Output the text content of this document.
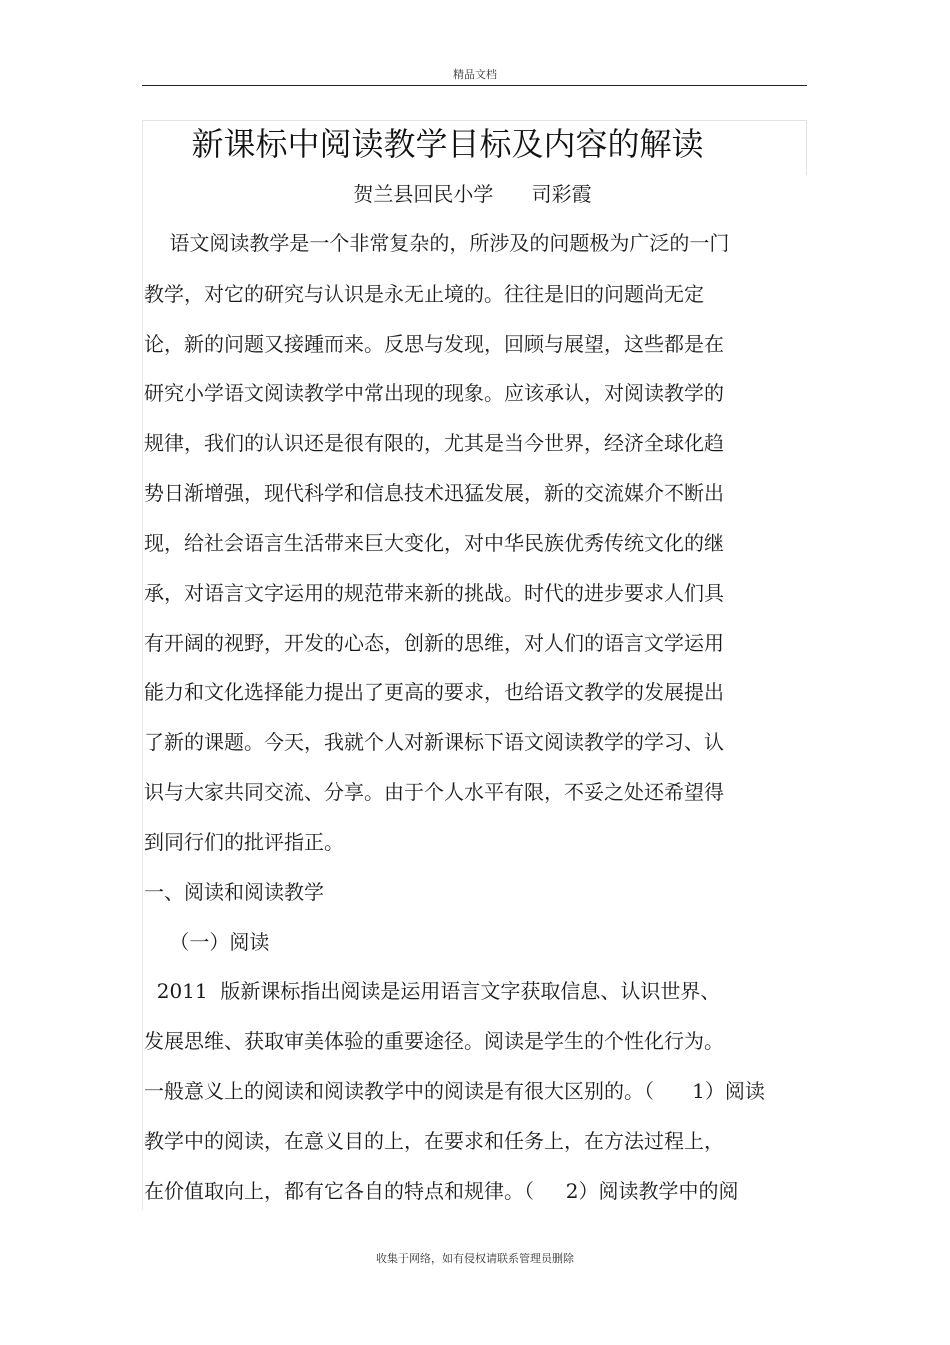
精品文档
新课标中阅读教学目标及内容的解读
贺兰县回民小学      司彩霞
语文阅读教学是一个非常复杂的，所涉及的问题极为广泛的一门
教学，对它的研究与认识是永无止境的。往往是旧的问题尚无定
论，新的问题又接踵而来。反思与发现，回顾与展望，这些都是在
研究小学语文阅读教学中常出现的现象。应该承认，对阅读教学的
规律，我们的认识还是很有限的，尤其是当今世界，经济全球化趋
势日渐增强，现代科学和信息技术迅猛发展，新的交流媒介不断出
现，给社会语言生活带来巨大变化，对中华民族优秀传统文化的继
承，对语言文字运用的规范带来新的挑战。时代的进步要求人们具
有开阔的视野，开发的心态，创新的思维，对人们的语言文学运用
能力和文化选择能力提出了更高的要求，也给语文教学的发展提出
了新的课题。今天，我就个人对新课标下语文阅读教学的学习、认
识与大家共同交流、分享。由于个人水平有限，不妥之处还希望得
到同行们的批评指正。
一、阅读和阅读教学
（一）阅读
2011  版新课标指出阅读是运用语言文字获取信息、认识世界、
发展思维、获取审美体验的重要途径。阅读是学生的个性化行为。
一般意义上的阅读和阅读教学中的阅读是有很大区别的。（      1）阅读
教学中的阅读，在意义目的上，在要求和任务上，在方法过程上，
在价值取向上，都有它各自的特点和规律。（     2）阅读教学中的阅
收集于网络，如有侵权请联系管理员删除
